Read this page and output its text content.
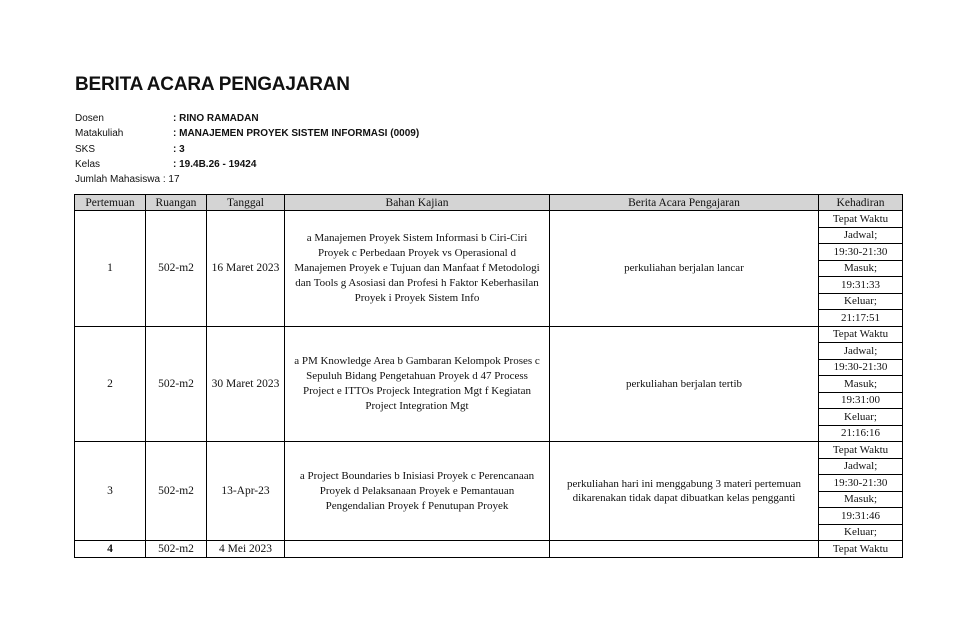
BERITA ACARA PENGAJARAN
Dosen	: RINO RAMADAN
Matakuliah	: MANAJEMEN PROYEK SISTEM INFORMASI (0009)
SKS	: 3
Kelas	: 19.4B.26 - 19424
Jumlah Mahasiswa
: 17
Pertemuan	Ruangan	Tanggal	Bahan Kajian	Berita Acara Pengajaran	Kehadiran
1	502-m2	16 Maret 2023	a Manajemen Proyek Sistem Informasi b Ciri-Ciri Proyek c Perbedaan Proyek vs Operasional d Manajemen Proyek e Tujuan dan Manfaat f Metodologi dan Tools g Asosiasi dan Profesi h Faktor Keberhasilan Proyek i Proyek Sistem Info	perkuliahan berjalan lancar	Tepat Waktu
					Jadwal;
					19:30-21:30
					Masuk;
					19:31:33
					Keluar;
					21:17:51
2	502-m2	30 Maret 2023	a PM Knowledge Area b Gambaran Kelompok Proses c Sepuluh Bidang Pengetahuan Proyek d 47 Process Project e ITTOs Projeck Integration Mgt f Kegiatan Project Integration Mgt	perkuliahan berjalan tertib	Tepat Waktu
					Jadwal;
					19:30-21:30
					Masuk;
					19:31:00
					Keluar;
					21:16:16
3	502-m2	13-Apr-23	a Project Boundaries b Inisiasi Proyek c Perencanaan Proyek d Pelaksanaan Proyek e Pemantauan Pengendalian Proyek f Penutupan Proyek	perkuliahan hari ini menggabung 3 materi pertemuan dikarenakan tidak dapat dibuatkan kelas pengganti	Tepat Waktu
					Jadwal;
					19:30-21:30
					Masuk;
					19:31:46
					Keluar;
4	502-m2	4 Mei 2023			Tepat Waktu
